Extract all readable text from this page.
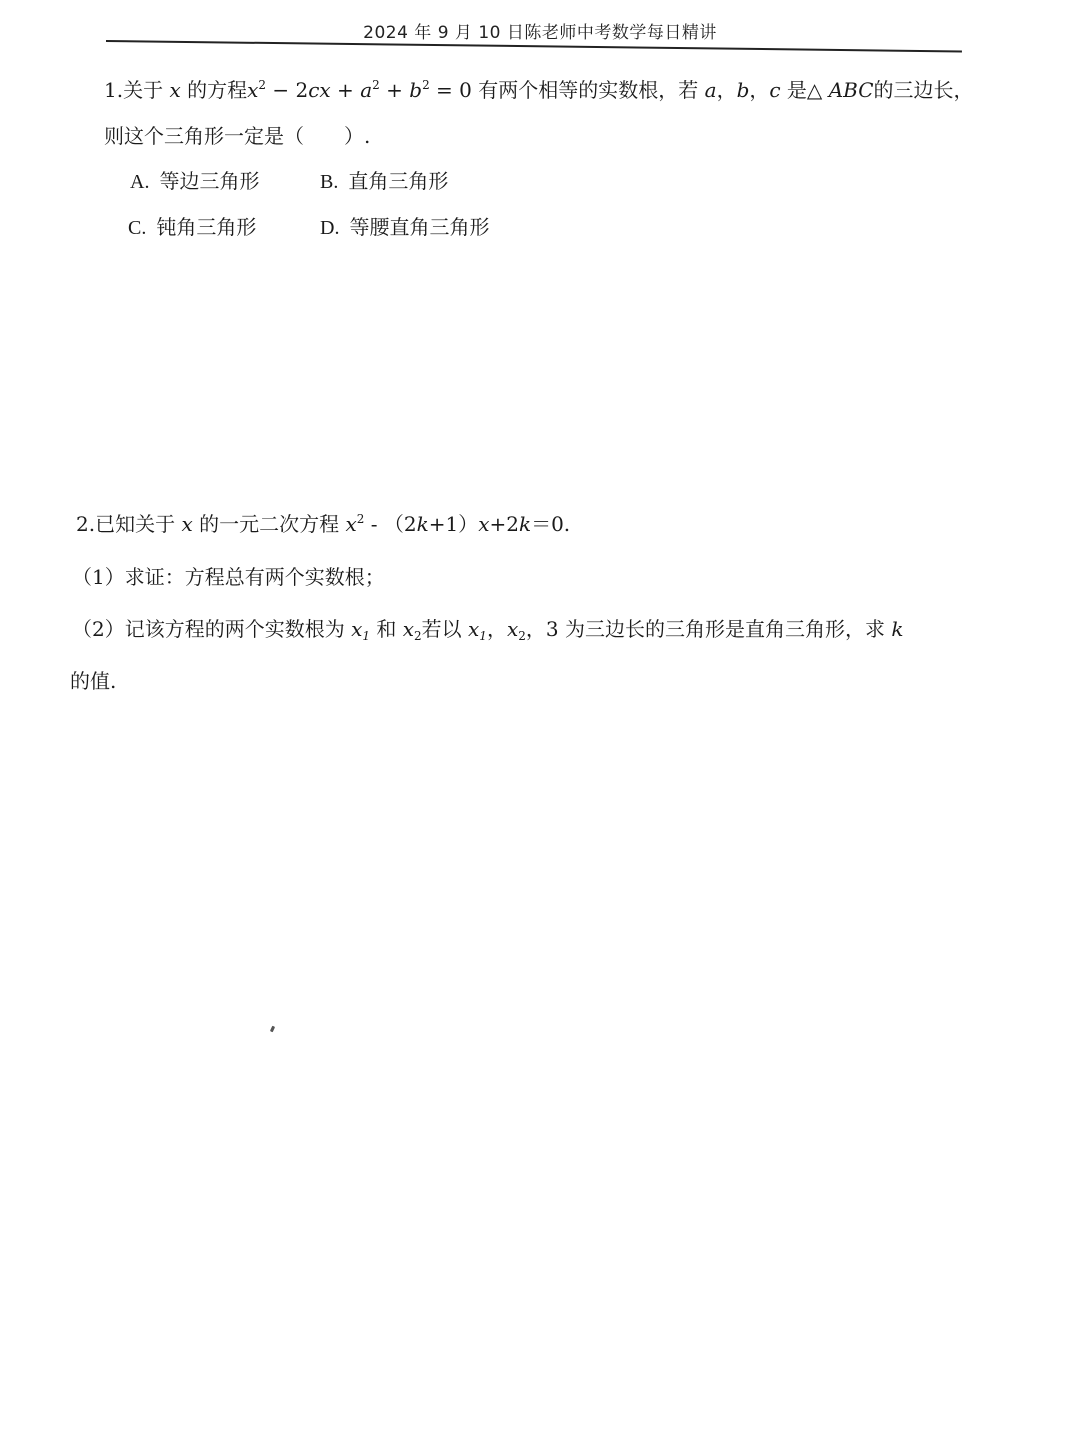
2024 年 9 月 10 日陈老师中考数学每日精讲
1.关于 x 的方程$x^2 - 2cx + a^2 + b^2 = 0$ 有两个相等的实数根，若 a，b，c 是△ ABC的三边长，
则这个三角形一定是（　　）.
A. 等边三角形	B. 直角三角形
C. 钝角三角形	D. 等腰直角三角形
2.已知关于 x 的一元二次方程 $x^2 - (2k+1)x+2k=0$.
（1）求证：方程总有两个实数根；
（2）记该方程的两个实数根为 $x_1$ 和 $x_2$若以 $x_1$，$x_2$，3 为三边长的三角形是直角三角形，求 k
的值.
